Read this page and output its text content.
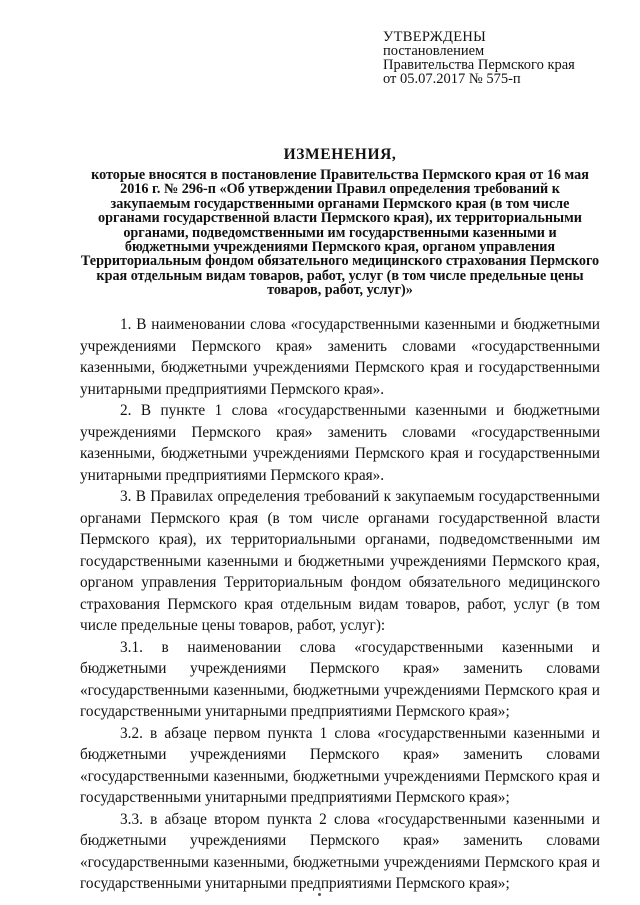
УТВЕРЖДЕНЫ
постановлением
Правительства Пермского края
от 05.07.2017 № 575-п
ИЗМЕНЕНИЯ,
которые вносятся в постановление Правительства Пермского края от 16 мая 2016 г. № 296-п «Об утверждении Правил определения требований к закупаемым государственными органами Пермского края (в том числе органами государственной власти Пермского края), их территориальными органами, подведомственными им государственными казенными и бюджетными учреждениями Пермского края, органом управления Территориальным фондом обязательного медицинского страхования Пермского края отдельным видам товаров, работ, услуг (в том числе предельные цены товаров, работ, услуг)»

1. В наименовании слова «государственными казенными и бюджетными учреждениями Пермского края» заменить словами «государственными казенными, бюджетными учреждениями Пермского края и государственными унитарными предприятиями Пермского края».

2. В пункте 1 слова «государственными казенными и бюджетными учреждениями Пермского края» заменить словами «государственными казенными, бюджетными учреждениями Пермского края и государственными унитарными предприятиями Пермского края».

3. В Правилах определения требований к закупаемым государственными органами Пермского края (в том числе органами государственной власти Пермского края), их территориальными органами, подведомственными им государственными казенными и бюджетными учреждениями Пермского края, органом управления Территориальным фондом обязательного медицинского страхования Пермского края отдельным видам товаров, работ, услуг (в том числе предельные цены товаров, работ, услуг):

3.1. в наименовании слова «государственными казенными и бюджетными учреждениями Пермского края» заменить словами «государственными казенными, бюджетными учреждениями Пермского края и государственными унитарными предприятиями Пермского края»;

3.2. в абзаце первом пункта 1 слова «государственными казенными и бюджетными учреждениями Пермского края» заменить словами «государственными казенными, бюджетными учреждениями Пермского края и государственными унитарными предприятиями Пермского края»;

3.3. в абзаце втором пункта 2 слова «государственными казенными и бюджетными учреждениями Пермского края» заменить словами «государственными казенными, бюджетными учреждениями Пермского края и государственными унитарными предприятиями Пермского края»;
